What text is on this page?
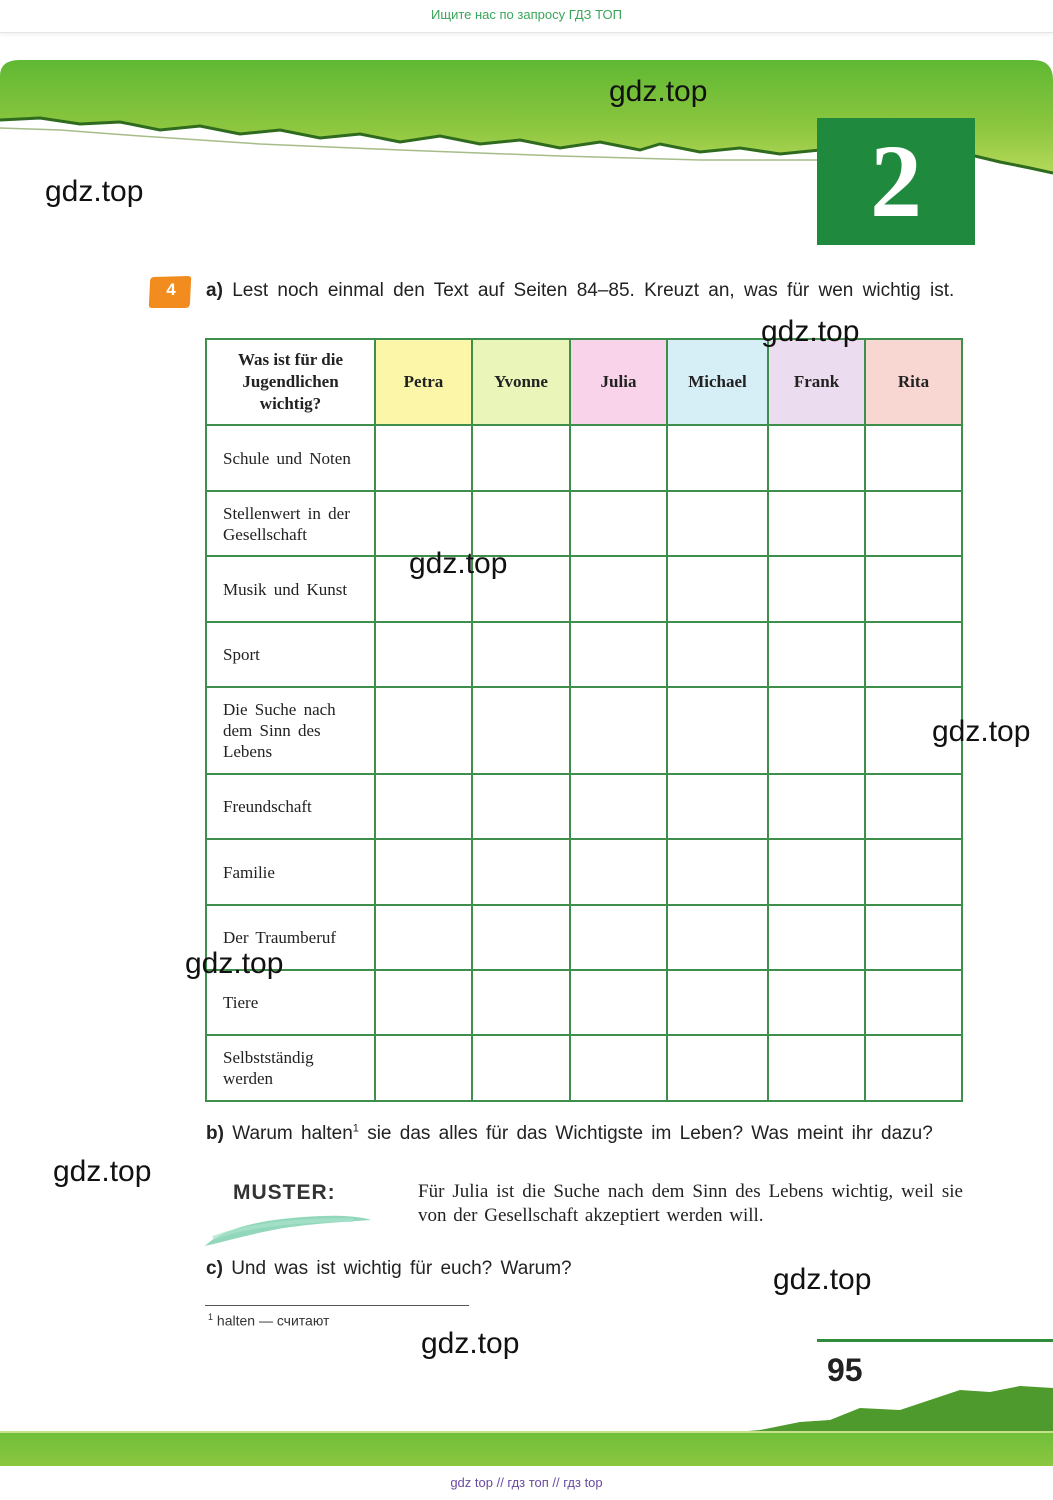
Ищите нас по запросу ГДЗ ТОП
2
gdz.top
gdz.top
gdz.top
gdz.top
gdz.top
gdz.top
gdz.top
gdz.top
gdz.top
4	a) Lest noch einmal den Text auf Seiten 84–85. Kreuzt an, was für wen wichtig ist.
Was ist für die Jugendlichen wichtig?	Petra	Yvonne	Julia	Michael	Frank	Rita
Schule und Noten						
Stellenwert in der Gesellschaft						
Musik und Kunst						
Sport						
Die Suche nach dem Sinn des Lebens						
Freundschaft						
Familie						
Der Traumberuf						
Tiere						
Selbstständig werden						
b) Warum halten$^1$ sie das alles für das Wichtigste im Leben? Was meint ihr dazu?
MUSTER:	Für Julia ist die Suche nach dem Sinn des Lebens wichtig, weil sie von der Gesellschaft akzeptiert werden will.
c) Und was ist wichtig für euch? Warum?
$^1$ halten — считают
95
gdz top // гдз топ // гдз top
